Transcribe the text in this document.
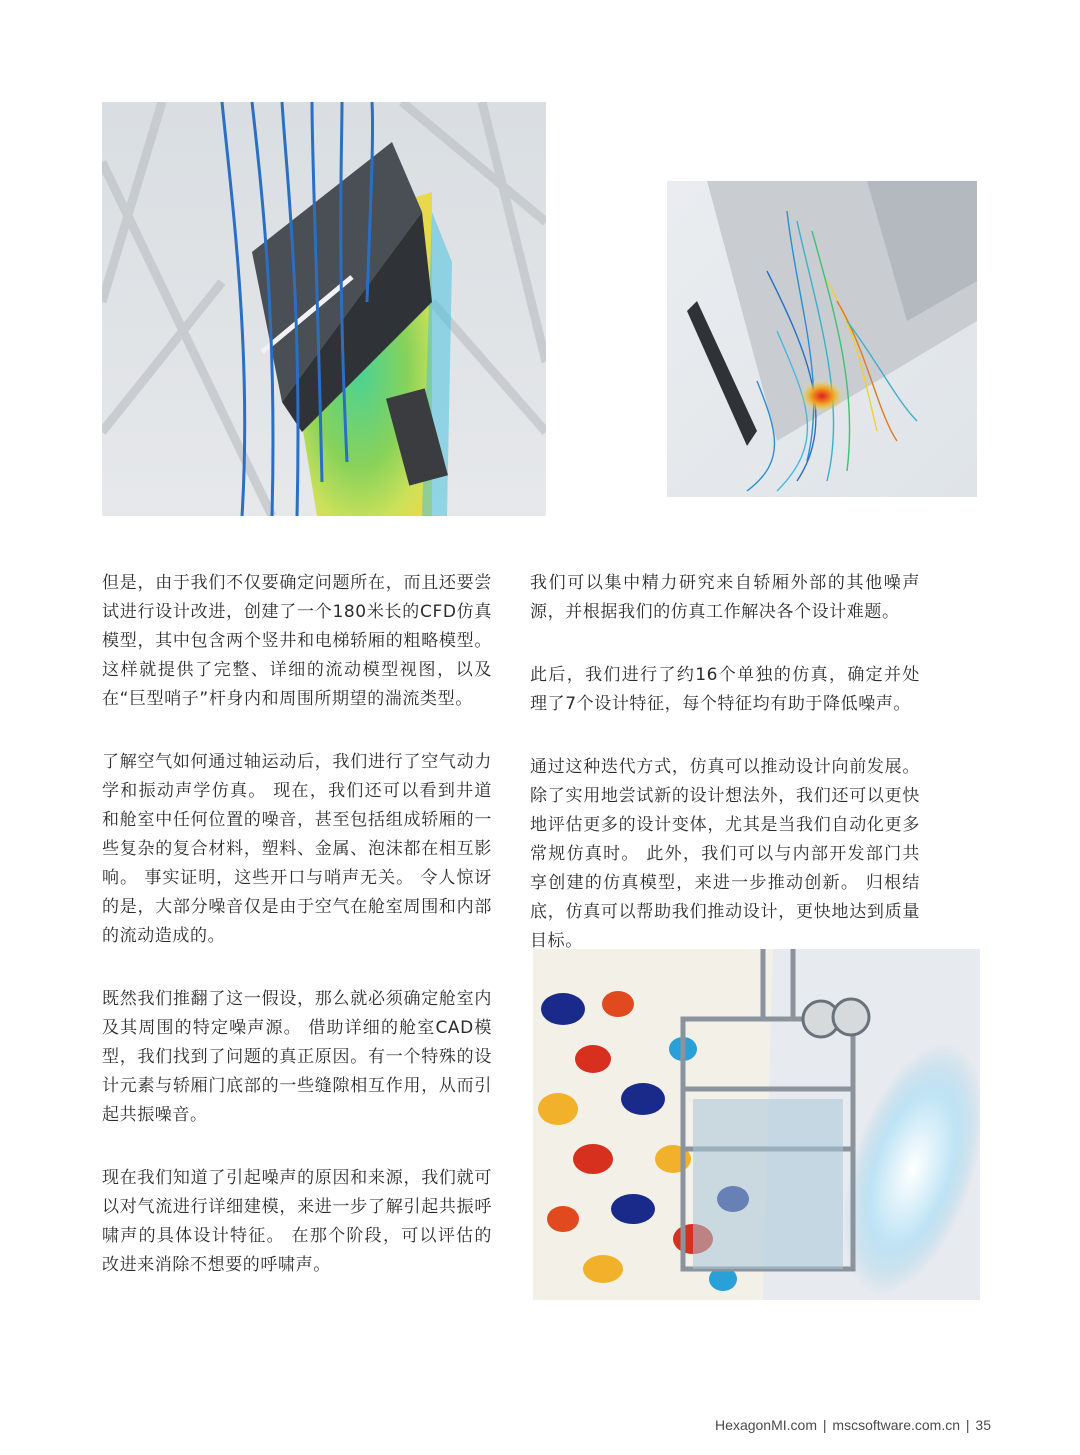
但是，由于我们不仅要确定问题所在，而且还要尝试进行设计改进，创建了一个180米长的CFD仿真模型，其中包含两个竖井和电梯轿厢的粗略模型。 这样就提供了完整、详细的流动模型视图，以及在“巨型哨子”杆身内和周围所期望的湍流类型。

了解空气如何通过轴运动后，我们进行了空气动力学和振动声学仿真。 现在，我们还可以看到井道和舱室中任何位置的噪音，甚至包括组成轿厢的一些复杂的复合材料，塑料、金属、泡沫都在相互影响。 事实证明，这些开口与哨声无关。 令人惊讶的是，大部分噪音仅是由于空气在舱室周围和内部的流动造成的。

既然我们推翻了这一假设，那么就必须确定舱室内及其周围的特定噪声源。 借助详细的舱室CAD模型，我们找到了问题的真正原因。有一个特殊的设计元素与轿厢门底部的一些缝隙相互作用，从而引起共振噪音。

现在我们知道了引起噪声的原因和来源，我们就可以对气流进行详细建模，来进一步了解引起共振呼啸声的具体设计特征。 在那个阶段，可以评估的改进来消除不想要的呼啸声。

我们可以集中精力研究来自轿厢外部的其他噪声源，并根据我们的仿真工作解决各个设计难题。

此后，我们进行了约16个单独的仿真，确定并处理了7个设计特征，每个特征均有助于降低噪声。

通过这种迭代方式，仿真可以推动设计向前发展。 除了实用地尝试新的设计想法外，我们还可以更快地评估更多的设计变体，尤其是当我们自动化更多常规仿真时。 此外，我们可以与内部开发部门共享创建的仿真模型，来进一步推动创新。 归根结底，仿真可以帮助我们推动设计，更快地达到质量目标。

HexagonMI.com | mscsoftware.com.cn | 35
